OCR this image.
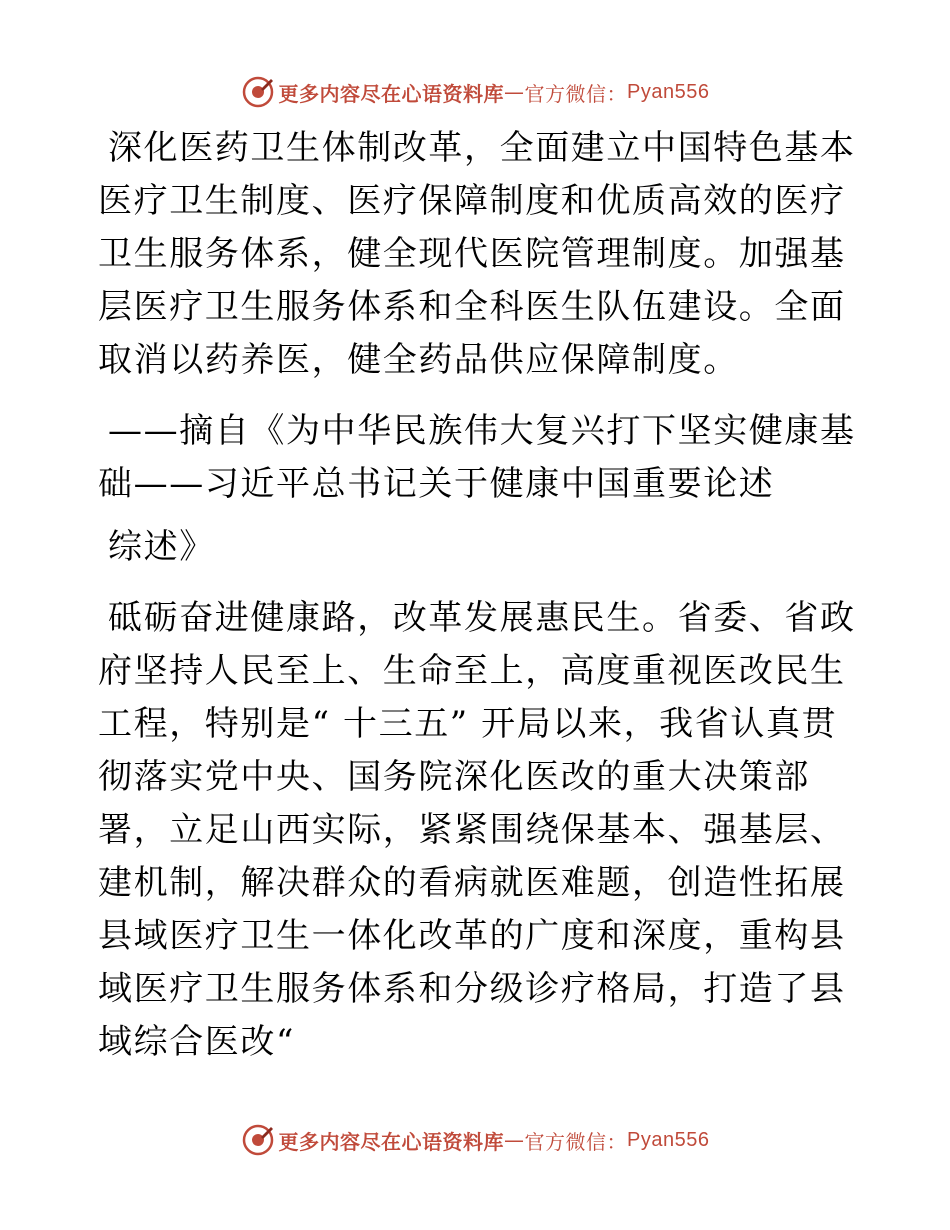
更多内容尽在心语资料库 — 官方微信： Pyan556

深化医药卫生体制改革，全面建立中国特色基本医疗卫生制度、医疗保障制度和优质高效的医疗卫生服务体系，健全现代医院管理制度。加强基层医疗卫生服务体系和全科医生队伍建设。全面取消以药养医，健全药品供应保障制度。

——摘自《为中华民族伟大复兴打下坚实健康基础——习近平总书记关于健康中国重要论述

综述》

砥砺奋进健康路，改革发展惠民生。省委、省政府坚持人民至上、生命至上，高度重视医改民生工程，特别是“ 十三五” 开局以来，我省认真贯彻落实党中央、国务院深化医改的重大决策部署，立足山西实际，紧紧围绕保基本、强基层、建机制，解决群众的看病就医难题，创造性拓展县域医疗卫生一体化改革的广度和深度，重构县域医疗卫生服务体系和分级诊疗格局，打造了县域综合医改“

更多内容尽在心语资料库 — 官方微信： Pyan556
